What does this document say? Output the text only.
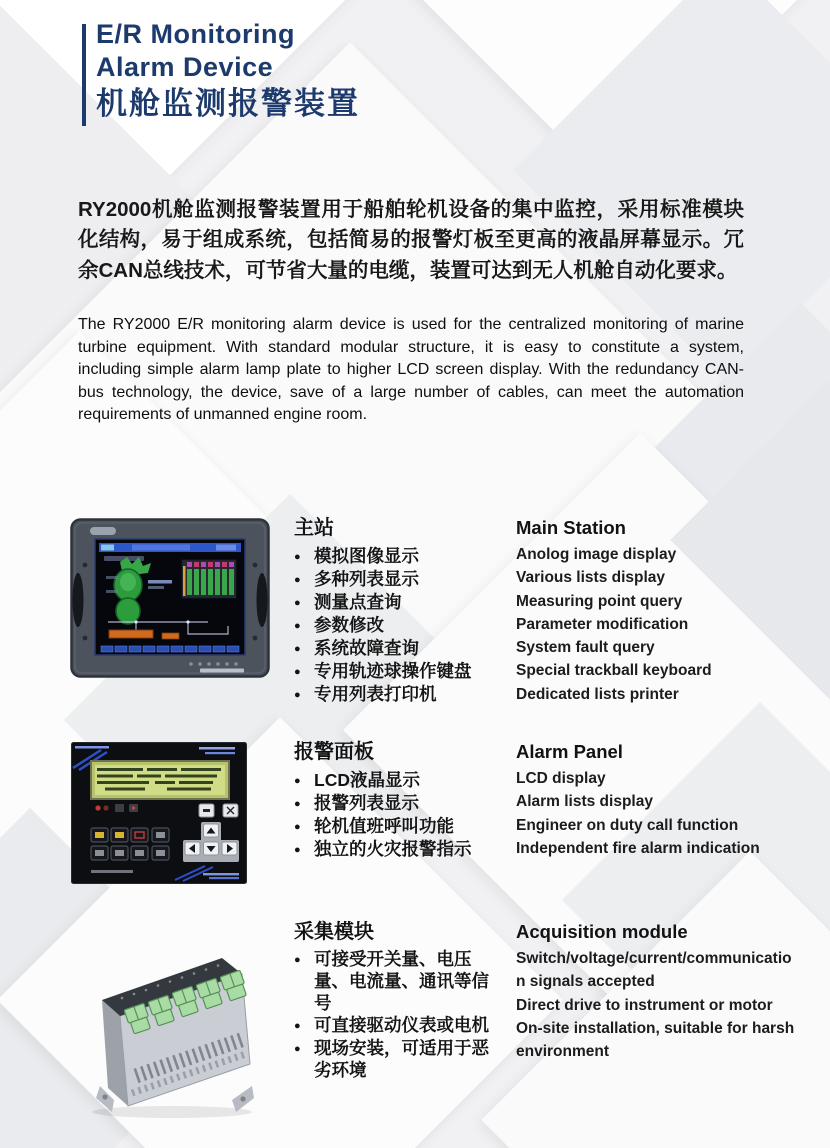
E/R Monitoring
Alarm Device
机舱监测报警装置

RY2000机舱监测报警装置用于船舶轮机设备的集中监控，采用标准模块化结构，易于组成系统，包括简易的报警灯板至更高的液晶屏幕显示。冗余CAN总线技术，可节省大量的电缆，装置可达到无人机舱自动化要求。

The RY2000 E/R monitoring alarm device is used for the centralized monitoring of marine turbine equipment. With standard modular structure, it is easy to constitute a system, including simple alarm lamp plate to higher LCD screen display. With the redundancy CAN-bus technology, the device, save of a large number of cables, can meet the automation requirements of unmanned engine room.

主站
● 模拟图像显示
● 多种列表显示
● 测量点查询
● 参数修改
● 系统故障查询
● 专用轨迹球操作键盘
● 专用列表打印机
Main Station
Anolog image display
Various lists display
Measuring point query
Parameter modification
System fault query
Special trackball keyboard
Dedicated lists printer
报警面板
● LCD液晶显示
● 报警列表显示
● 轮机值班呼叫功能
● 独立的火灾报警指示
Alarm Panel
LCD display
Alarm lists display
Engineer on duty call function
Independent fire alarm indication
采集模块
● 可接受开关量、电压量、电流量、通讯等信号
● 可直接驱动仪表或电机
● 现场安装，可适用于恶劣环境
Acquisition module
Switch/voltage/current/communication signals accepted
Direct drive to instrument or motor
On-site installation, suitable for harsh environment
